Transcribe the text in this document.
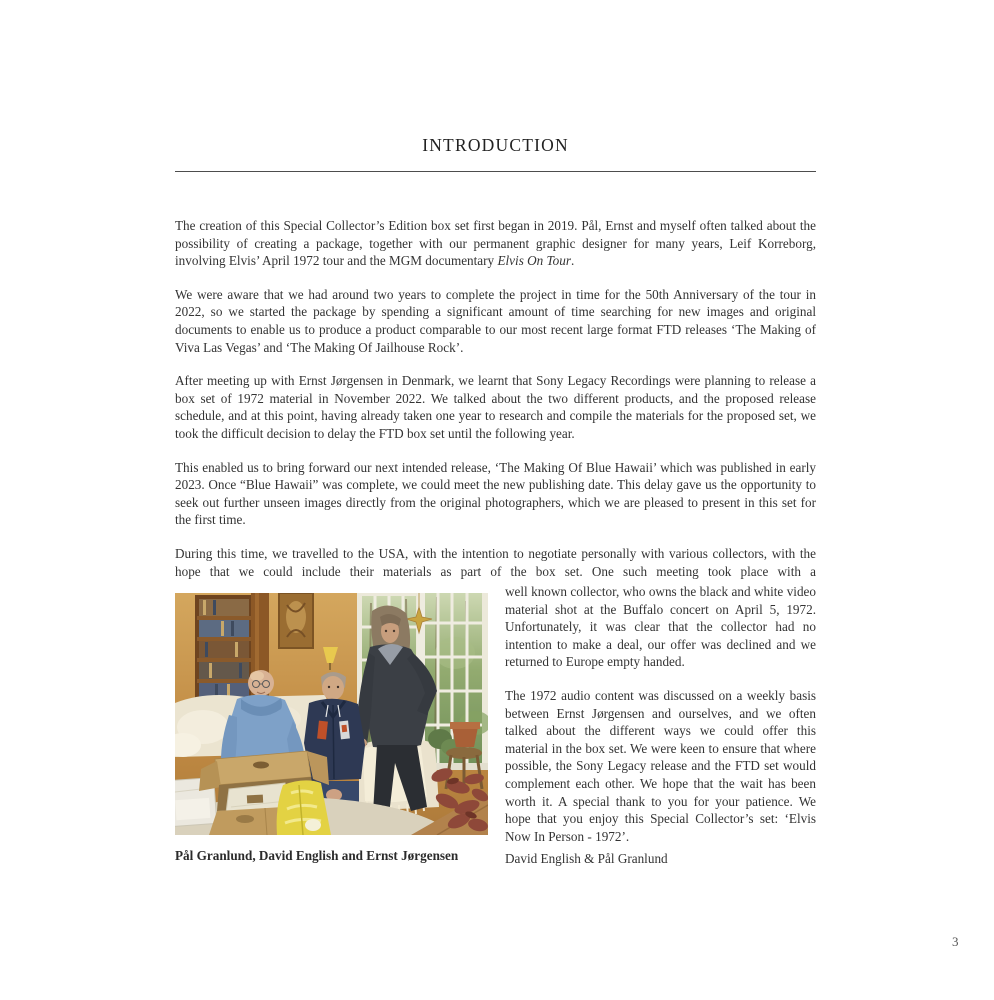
INTRODUCTION

The creation of this Special Collector’s Edition box set first began in 2019. Pål, Ernst and myself often talked about the possibility of creating a package, together with our permanent graphic designer for many years, Leif Korreborg, involving Elvis’ April 1972 tour and the MGM documentary Elvis On Tour.

We were aware that we had around two years to complete the project in time for the 50th Anniversary of the tour in 2022, so we started the package by spending a significant amount of time searching for new images and original documents to enable us to produce a product comparable to our most recent large format FTD releases ‘The Making of Viva Las Vegas’ and ‘The Making Of Jailhouse Rock’.

After meeting up with Ernst Jørgensen in Denmark, we learnt that Sony Legacy Recordings were planning to release a box set of 1972 material in November 2022. We talked about the two different products, and the proposed release schedule, and at this point, having already taken one year to research and compile the materials for the proposed set, we took the difficult decision to delay the FTD box set until the following year.

This enabled us to bring forward our next intended release, ‘The Making Of Blue Hawaii’ which was published in early 2023. Once “Blue Hawaii” was complete, we could meet the new publishing date. This delay gave us the opportunity to seek out further unseen images directly from the original photographers, which we are pleased to present in this set for the first time.

During this time, we travelled to the USA, with the intention to negotiate personally with various collectors, with the hope that we could include their materials as part of the box set. One such meeting took place with a

Pål Granlund, David English and Ernst Jørgensen

well known collector, who owns the black and white video material shot at the Buffalo concert on April 5, 1972. Unfortunately, it was clear that the collector had no intention to make a deal, our offer was declined and we returned to Europe empty handed.

The 1972 audio content was discussed on a weekly basis between Ernst Jørgensen and ourselves, and we often talked about the different ways we could offer this material in the box set. We were keen to ensure that where possible, the Sony Legacy release and the FTD set would complement each other. We hope that the wait has been worth it. A special thank to you for your patience. We hope that you enjoy this Special Collector’s set: ‘Elvis Now In Person - 1972’.

David English & Pål Granlund
3
